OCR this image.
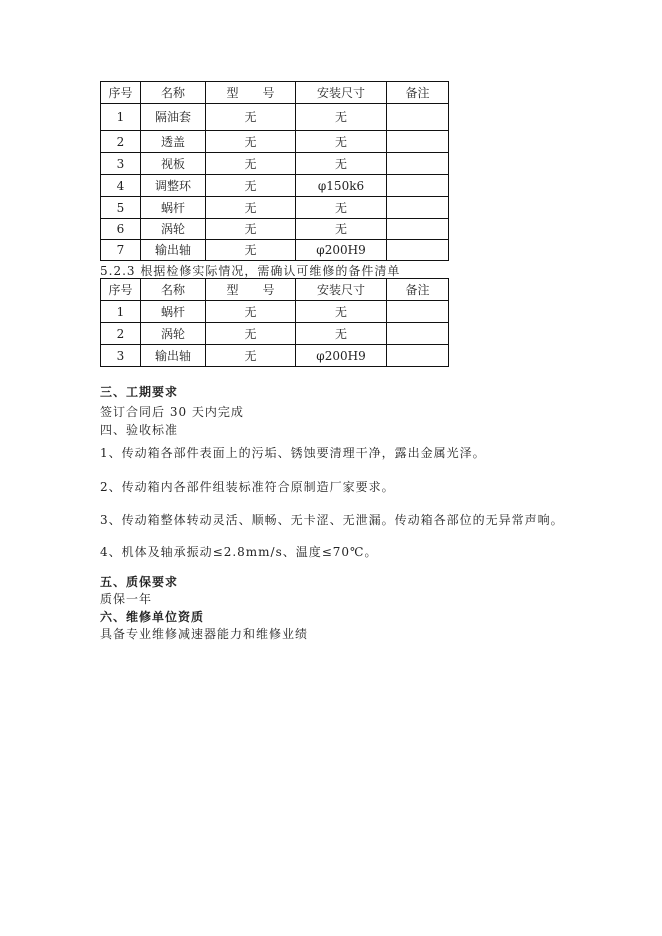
序号	名称	型　　号	安装尺寸	备注
1	隔油套	无	无	
2	透盖	无	无	
3	视板	无	无	
4	调整环	无	φ150k6	
5	蜗杆	无	无	
6	涡轮	无	无	
7	输出轴	无	φ200H9	
5.2.3 根据检修实际情况，需确认可维修的备件清单
序号	名称	型　　号	安装尺寸	备注
1	蜗杆	无	无	
2	涡轮	无	无	
3	输出轴	无	φ200H9	
三、工期要求
签订合同后 30 天内完成
四、验收标准
1、传动箱各部件表面上的污垢、锈蚀要清理干净，露出金属光泽。
2、传动箱内各部件组装标准符合原制造厂家要求。
3、传动箱整体转动灵活、顺畅、无卡涩、无泄漏。传动箱各部位的无异常声响。
4、机体及轴承振动≤2.8mm/s、温度≤70℃。
五、质保要求
质保一年
六、维修单位资质
具备专业维修减速器能力和维修业绩
